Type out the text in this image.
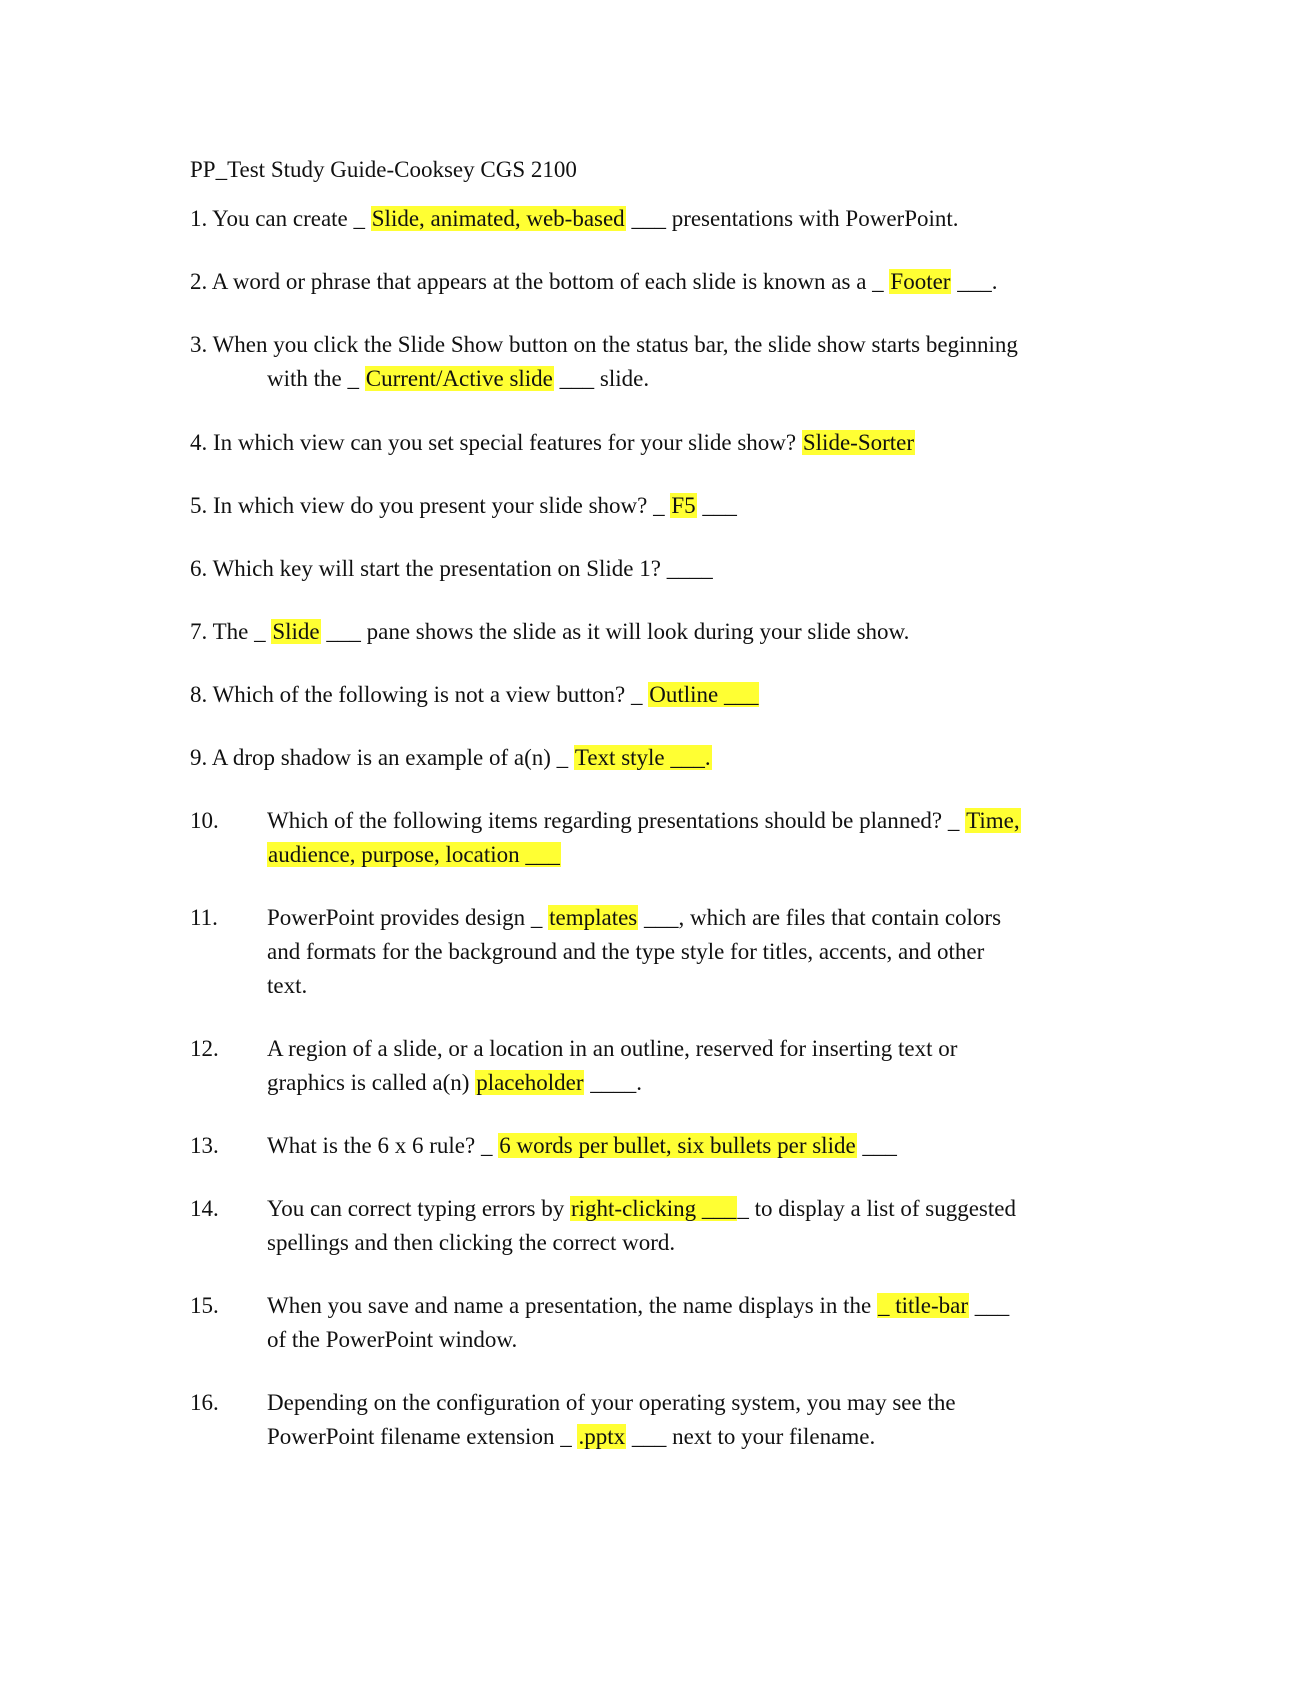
PP_Test Study Guide-Cooksey CGS 2100
1. You can create _ Slide, animated, web-based ___ presentations with PowerPoint.
2. A word or phrase that appears at the bottom of each slide is known as a _ Footer ___.
3. When you click the Slide Show button on the status bar, the slide show starts beginning
with the _ Current/Active slide ___ slide.
4. In which view can you set special features for your slide show? Slide-Sorter
5. In which view do you present your slide show? _ F5 ___
6. Which key will start the presentation on Slide 1? ____
7. The _ Slide ___ pane shows the slide as it will look during your slide show.
8. Which of the following is not a view button? _ Outline ___
9. A drop shadow is an example of a(n) _ Text style ___.
10. Which of the following items regarding presentations should be planned? _ Time,
audience, purpose, location ___
11. PowerPoint provides design _ templates ___, which are files that contain colors
and formats for the background and the type style for titles, accents, and other
text.
12. A region of a slide, or a location in an outline, reserved for inserting text or
graphics is called a(n) placeholder ____.
13. What is the 6 x 6 rule? _ 6 words per bullet, six bullets per slide ___
14. You can correct typing errors by right-clicking ____ to display a list of suggested
spellings and then clicking the correct word.
15. When you save and name a presentation, the name displays in the _ title-bar ___
of the PowerPoint window.
16. Depending on the configuration of your operating system, you may see the
PowerPoint filename extension _ .pptx ___ next to your filename.
